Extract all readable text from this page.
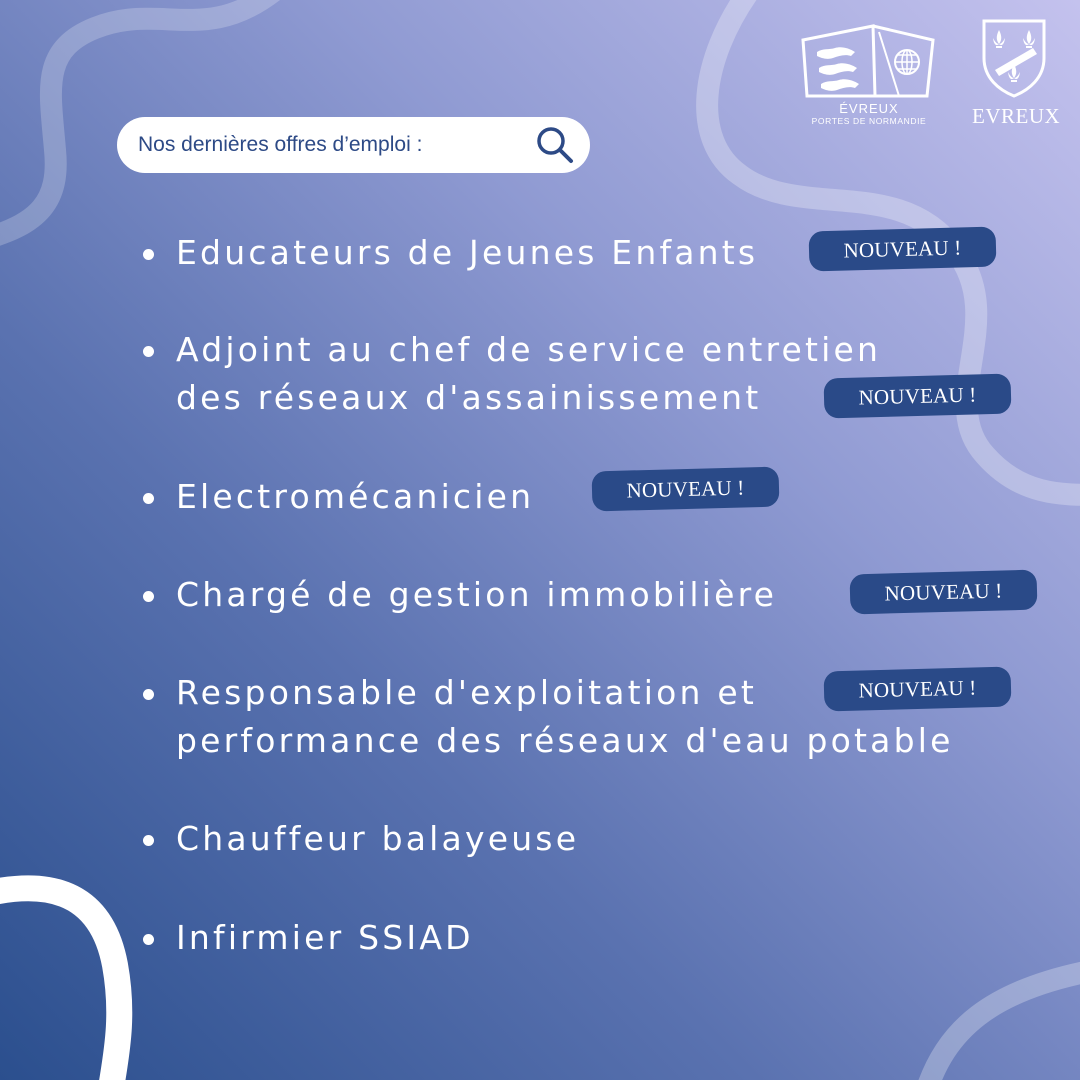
ÉVREUX
PORTES DE NORMANDIE	EVREUX
Nos dernières offres d’emploi :
Educateurs de Jeunes Enfants	NOUVEAU !
Adjoint au chef de service entretien
des réseaux d'assainissement	NOUVEAU !
Electromécanicien	NOUVEAU !
Chargé de gestion immobilière	NOUVEAU !
Responsable d'exploitation et
performance des réseaux d'eau potable
NOUVEAU !
Chauffeur balayeuse
Infirmier SSIAD
